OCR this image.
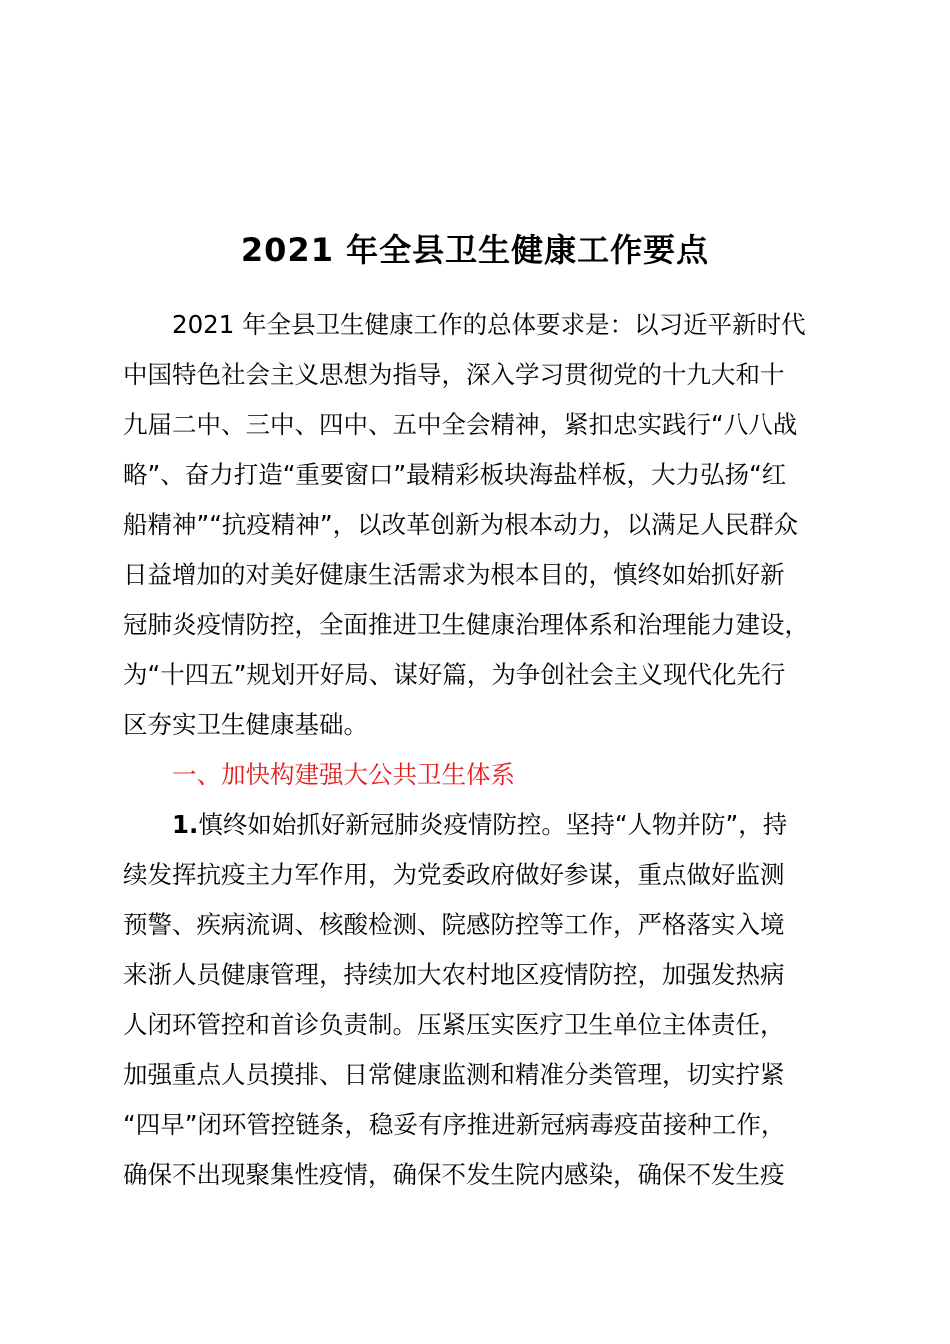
2021 年全县卫生健康工作要点
　　2021 年全县卫生健康工作的总体要求是：以习近平新时代
中国特色社会主义思想为指导，深入学习贯彻党的十九大和十
九届二中、三中、四中、五中全会精神，紧扣忠实践行“八八战
略”、奋力打造“重要窗口”最精彩板块海盐样板，大力弘扬“红
船精神”“抗疫精神”，以改革创新为根本动力，以满足人民群众
日益增加的对美好健康生活需求为根本目的，慎终如始抓好新
冠肺炎疫情防控，全面推进卫生健康治理体系和治理能力建设，
为“十四五”规划开好局、谋好篇，为争创社会主义现代化先行
区夯实卫生健康基础。
　　一、加快构建强大公共卫生体系
　　1.慎终如始抓好新冠肺炎疫情防控。坚持“人物并防”，持
续发挥抗疫主力军作用，为党委政府做好参谋，重点做好监测
预警、疾病流调、核酸检测、院感防控等工作，严格落实入境
来浙人员健康管理，持续加大农村地区疫情防控，加强发热病
人闭环管控和首诊负责制。压紧压实医疗卫生单位主体责任，
加强重点人员摸排、日常健康监测和精准分类管理，切实拧紧
“四早”闭环管控链条，稳妥有序推进新冠病毒疫苗接种工作，
确保不出现聚集性疫情，确保不发生院内感染，确保不发生疫
